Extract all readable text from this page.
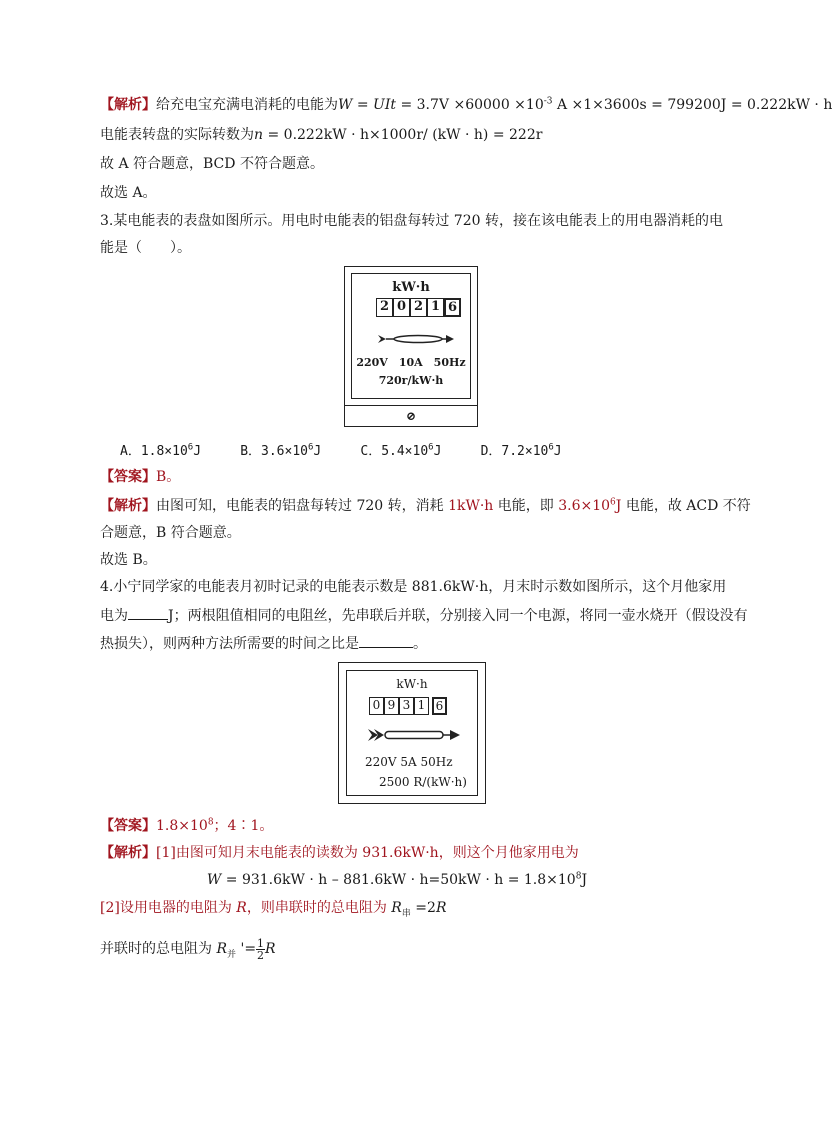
【解析】给充电宝充满电消耗的电能为W = UIt = $3.7V \times 60000 \times 10^{-3}$ A ×1×3600s = 799200J = 0.222kW · h
电能表转盘的实际转数为n = 0.222kW · h×1000r/ (kW · h) = 222r
故 A 符合题意，BCD 不符合题意。
故选 A。
3.某电能表的表盘如图所示。用电时电能表的铝盘每转过 720 转，接在该电能表上的用电器消耗的电
能是（　　）。
kW·h
2 0 2 1 6
220V　10A　50Hz
720r/kW·h
⊘
A．$1.8\times 10^6J$	B．$3.6\times 10^6J$	C．$5.4\times 10^6J$	D．$7.2\times 10^6J$
【答案】B。
【解析】由图可知，电能表的铝盘每转过 720 转，消耗 1kW·h 电能，即 $3.6\times 10^6J$ 电能，故 ACD 不符
合题意，B 符合题意。
故选 B。
4.小宁同学家的电能表月初时记录的电能表示数是 881.6kW·h，月末时示数如图所示，这个月他家用
电为	J；两根阻值相同的电阻丝，先串联后并联，分别接入同一个电源，将同一壶水烧开（假设没有
热损失），则两种方法所需要的时间之比是	。
kW·h
0 9 3 1 6
220V 5A 50Hz
2500 R/(kW·h)
【答案】$1.8\times 10^8$；4∶1。
【解析】[1]由图可知月末电能表的读数为 931.6kW·h，则这个月他家用电为
$W = 931.6kW \cdot h - 881.6kW \cdot h=50kW \cdot h = 1.8\times 10^8J$
[2]设用电器的电阻为 R，则串联时的总电阻为 $R_串 =2R$
并联时的总电阻为 $R_并$ '= $\frac{1}{2}$ R
